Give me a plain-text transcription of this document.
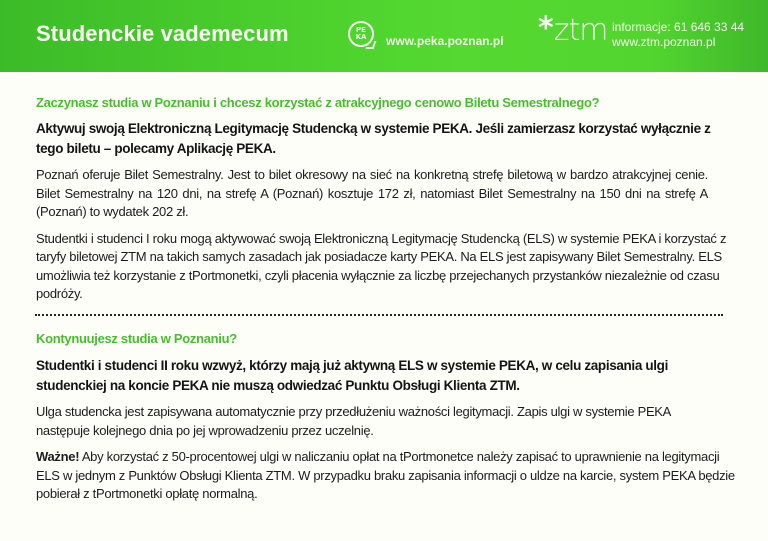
Studenckie vademecum	PE
KA	www.peka.poznan.pl *ztm informacje: 61 646 33 44
www.ztm.poznan.pl

Zaczynasz studia w Poznaniu i chcesz korzystać z atrakcyjnego cenowo Biletu Semestralnego?

Aktywuj swoją Elektroniczną Legitymację Studencką w systemie PEKA. Jeśli zamierzasz korzystać wyłącznie z tego biletu – polecamy Aplikację PEKA.

Poznań oferuje Bilet Semestralny. Jest to bilet okresowy na sieć na konkretną strefę biletową w bardzo atrakcyjnej cenie. Bilet Semestralny na 120 dni, na strefę A (Poznań) kosztuje 172 zł, natomiast Bilet Semestralny na 150 dni na strefę A (Poznań) to wydatek 202 zł.

Studentki i studenci I roku mogą aktywować swoją Elektroniczną Legitymację Studencką (ELS) w systemie PEKA i korzystać z taryfy biletowej ZTM na takich samych zasadach jak posiadacze karty PEKA. Na ELS jest zapisywany Bilet Semestralny. ELS umożliwia też korzystanie z tPortmonetki, czyli płacenia wyłącznie za liczbę przejechanych przystanków niezależnie od czasu podróży.

Kontynuujesz studia w Poznaniu?

Studentki i studenci II roku wzwyż, którzy mają już aktywną ELS w systemie PEKA, w celu zapisania ulgi studenckiej na koncie PEKA nie muszą odwiedzać Punktu Obsługi Klienta ZTM.

Ulga studencka jest zapisywana automatycznie przy przedłużeniu ważności legitymacji. Zapis ulgi w systemie PEKA następuje kolejnego dnia po jej wprowadzeniu przez uczelnię.

Ważne! Aby korzystać z 50-procentowej ulgi w naliczaniu opłat na tPortmonetce należy zapisać to uprawnienie na legitymacji ELS w jednym z Punktów Obsługi Klienta ZTM. W przypadku braku zapisania informacji o uldze na karcie, system PEKA będzie pobierał z tPortmonetki opłatę normalną.
